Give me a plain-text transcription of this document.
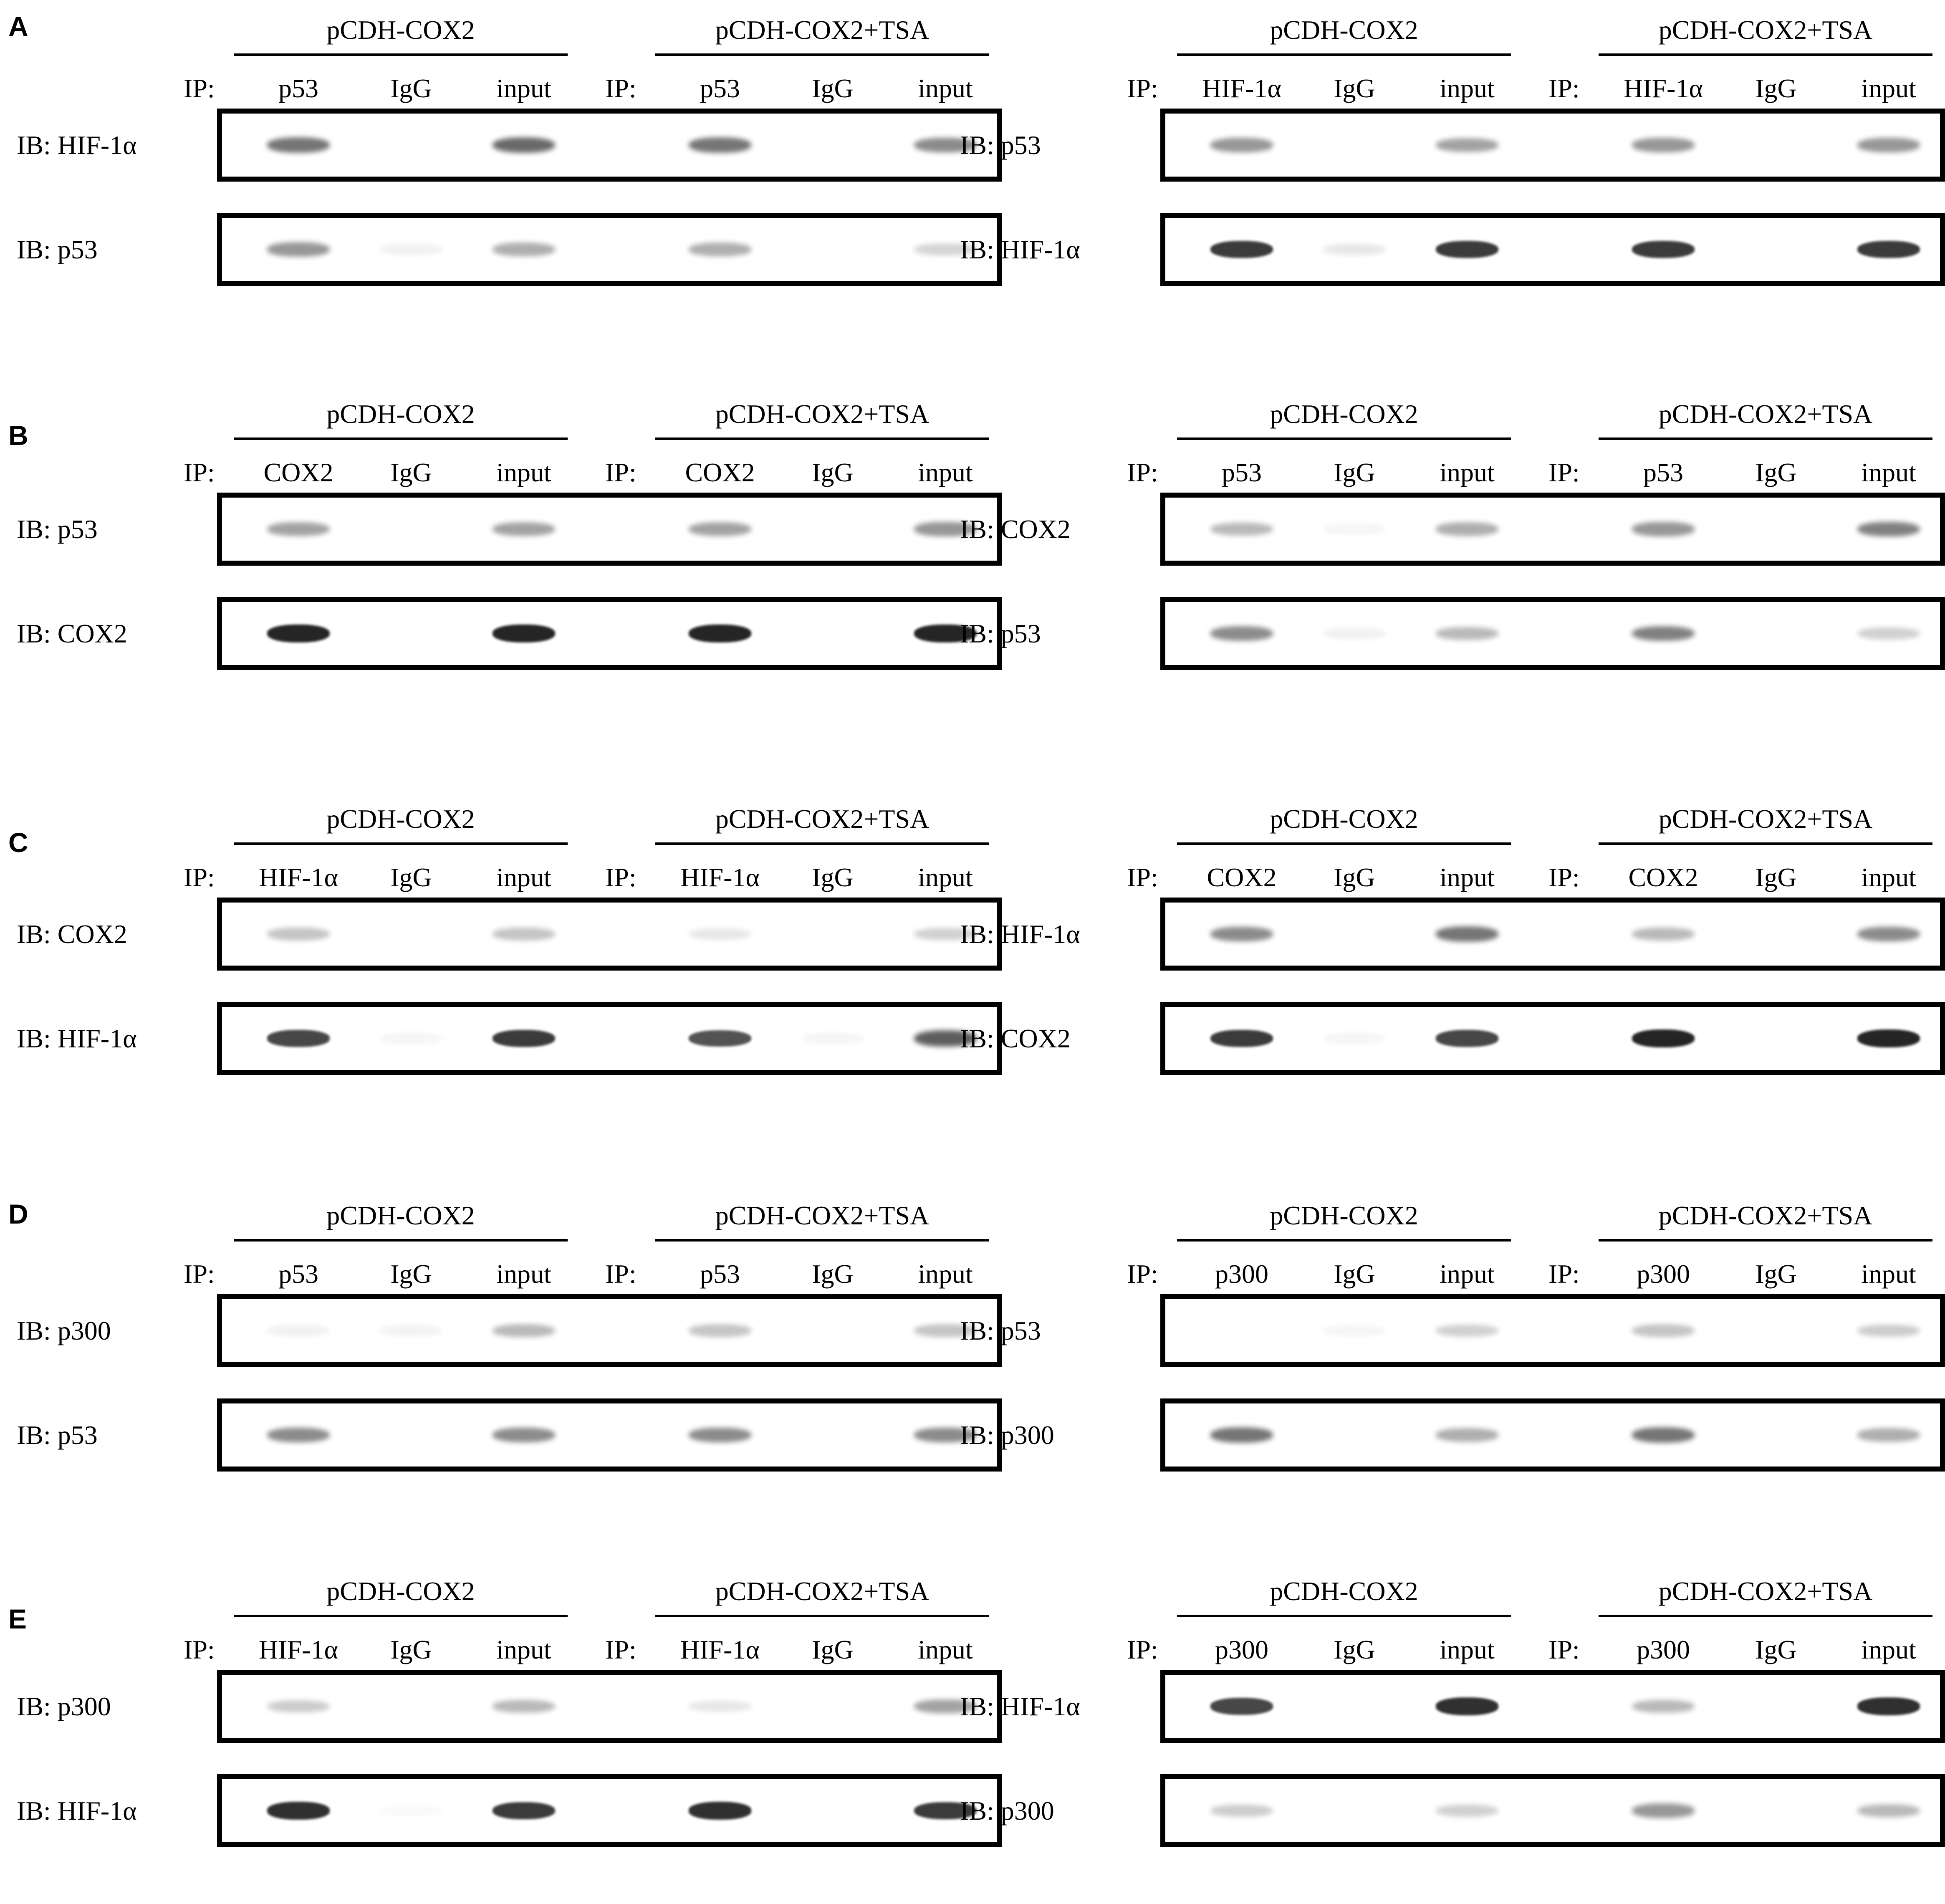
A	pCDH-COX2	pCDH-COX2+TSA
IP:	p53	IgG	input	IP:	p53	IgG	input
IB: HIF-1α
IB: p53
pCDH-COX2	pCDH-COX2+TSA
IP:	HIF-1α	IgG	input	IP:	HIF-1α	IgG	input
IB: p53
IB: HIF-1α
B
pCDH-COX2	pCDH-COX2+TSA
IP:	COX2	IgG	input	IP:	COX2	IgG	input
IB: p53
IB: COX2
pCDH-COX2	pCDH-COX2+TSA
IP:	p53	IgG	input	IP:	p53	IgG	input
IB: COX2
IB: p53
C
pCDH-COX2	pCDH-COX2+TSA
IP:	HIF-1α	IgG	input	IP:	HIF-1α	IgG	input
IB: COX2
IB: HIF-1α
pCDH-COX2	pCDH-COX2+TSA
IP:	COX2	IgG	input	IP:	COX2	IgG	input
IB: HIF-1α
IB: COX2
D	pCDH-COX2	pCDH-COX2+TSA
IP:	p53	IgG	input	IP:	p53	IgG	input
IB: p300
IB: p53
pCDH-COX2	pCDH-COX2+TSA
IP:	p300	IgG	input	IP:	p300	IgG	input
IB: p53
IB: p300
E
pCDH-COX2	pCDH-COX2+TSA
IP:	HIF-1α	IgG	input	IP:	HIF-1α	IgG	input
IB: p300
IB: HIF-1α
pCDH-COX2	pCDH-COX2+TSA
IP:	p300	IgG	input	IP:	p300	IgG	input
IB: HIF-1α
IB: p300
